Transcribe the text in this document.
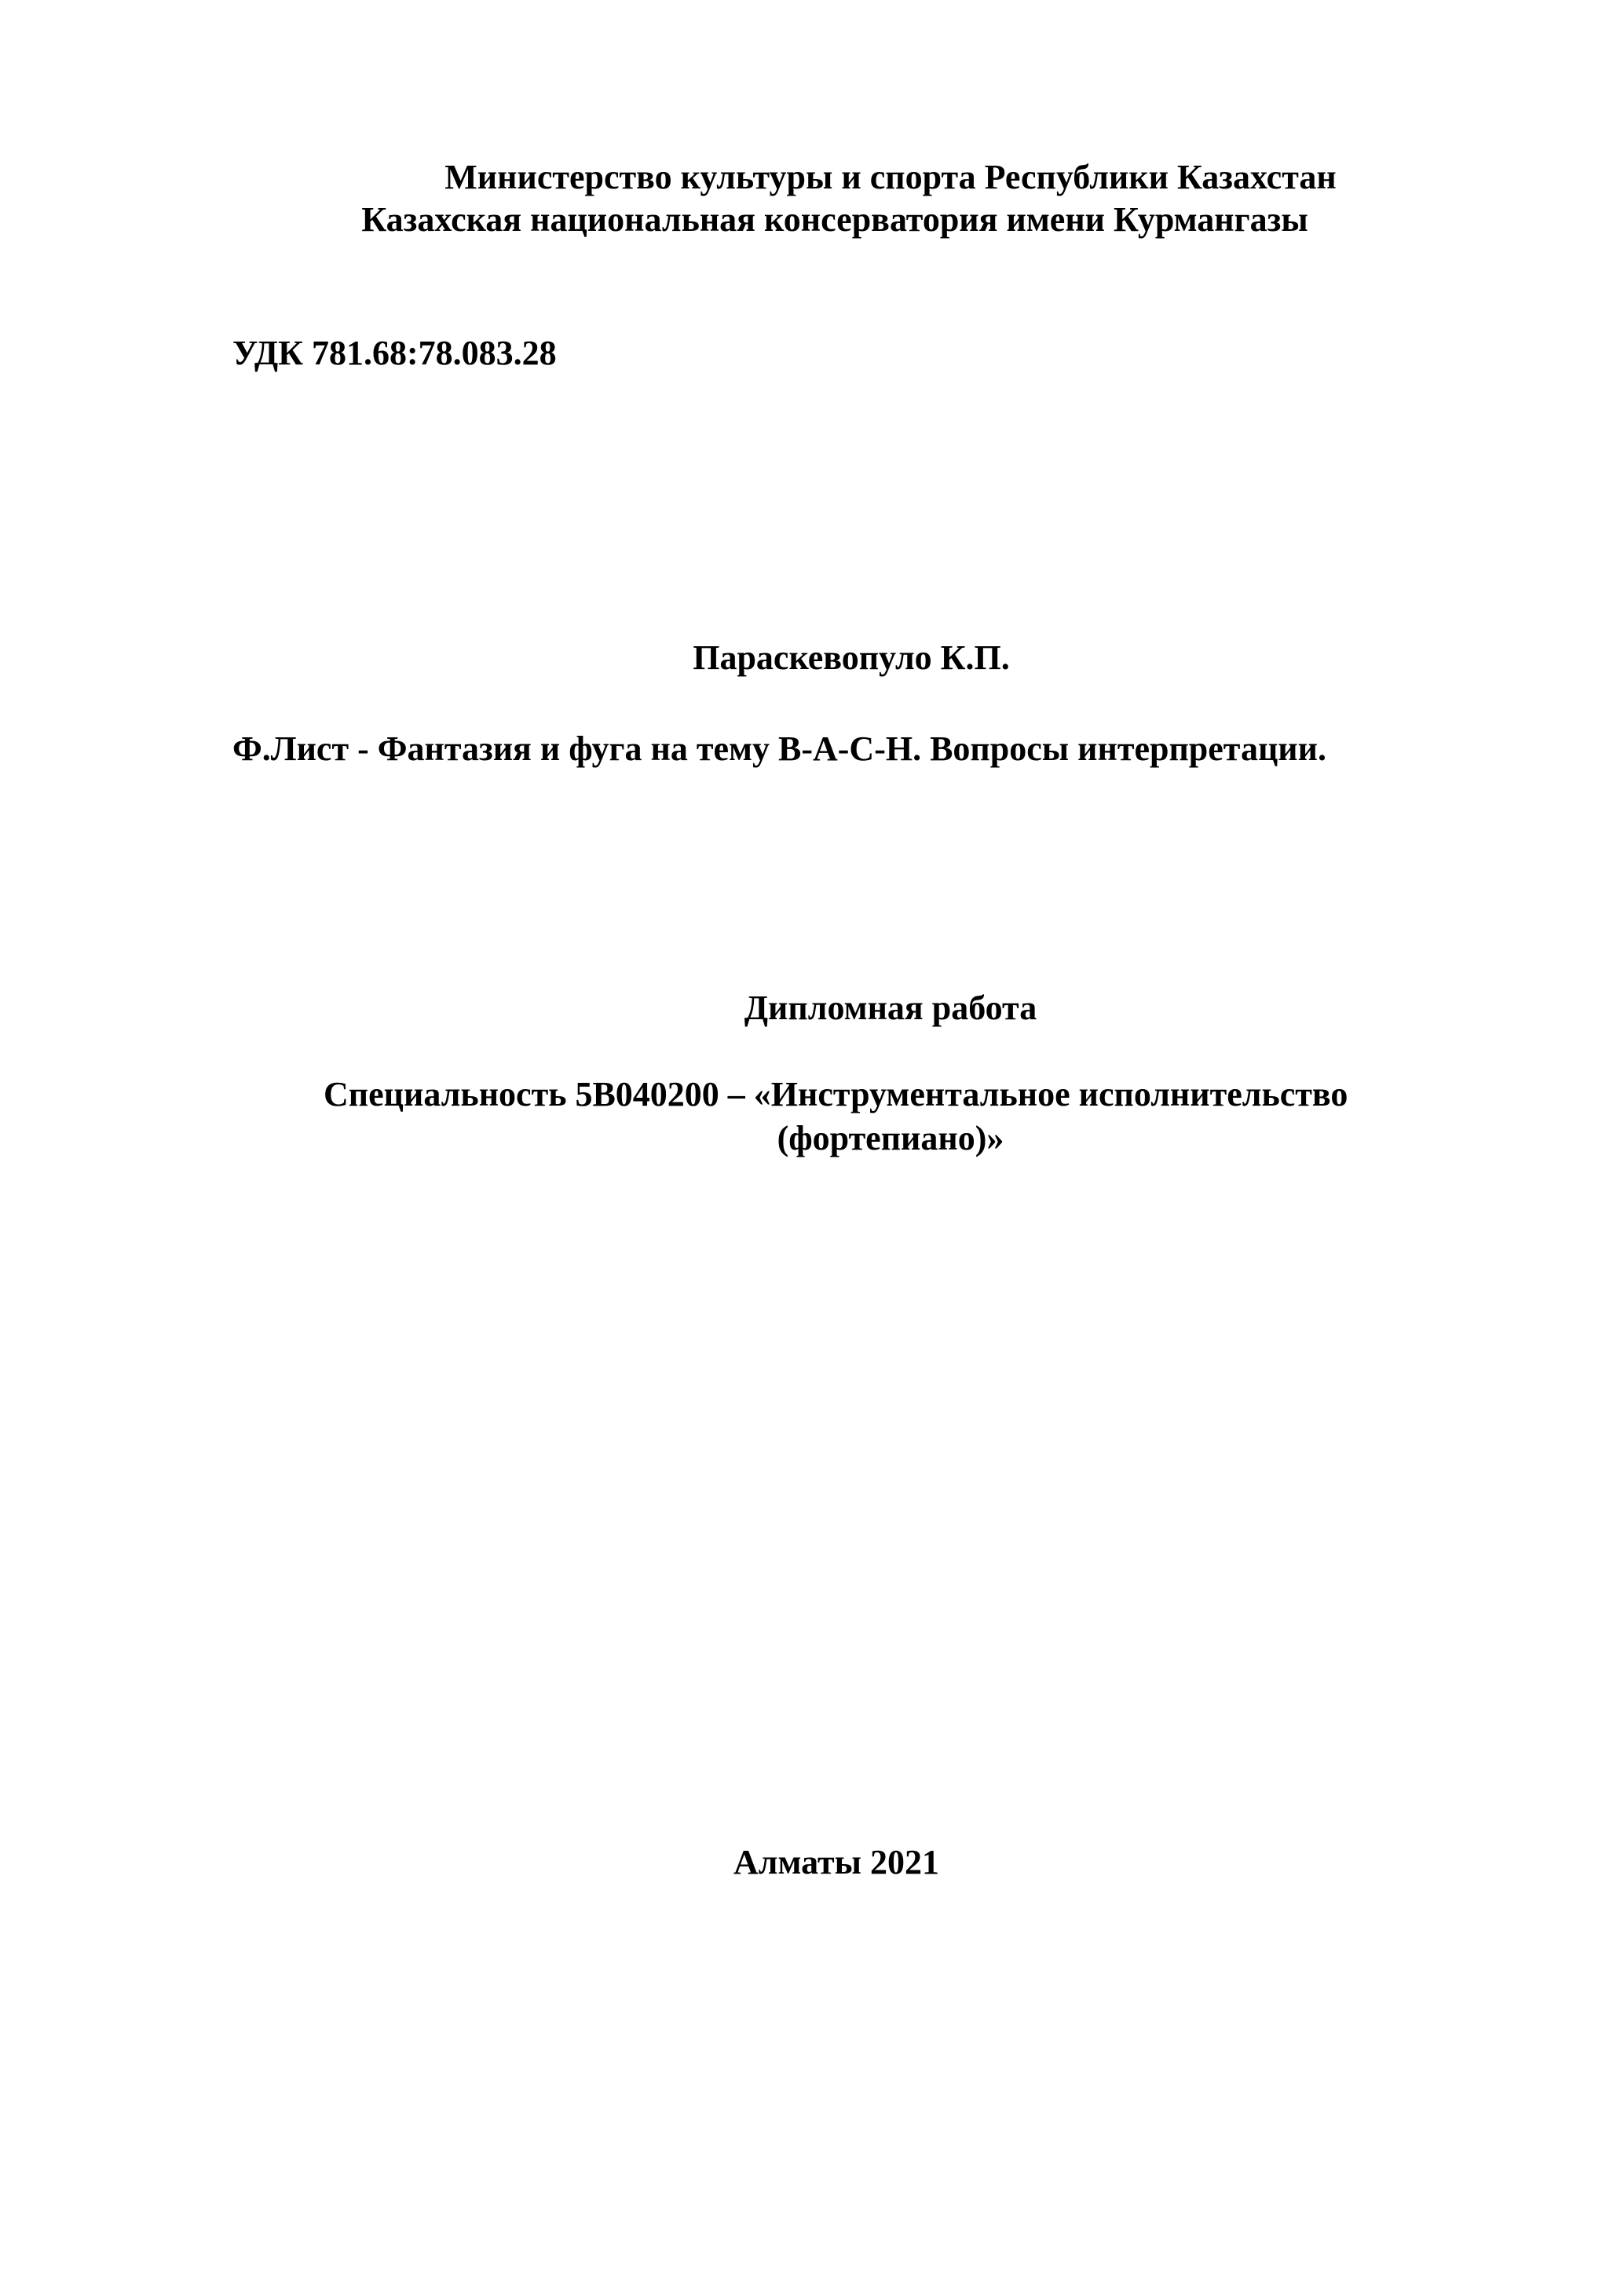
Министерство культуры и спорта Республики Казахстан

Казахская национальная консерватория имени Курмангазы

УДК 781.68:78.083.28

Параскевопуло К.П.

Ф.Лист - Фантазия и фуга на тему B-A-C-H. Вопросы интерпретации.

Дипломная работа

Специальность 5В040200 – «Инструментальное исполнительство

(фортепиано)»

Алматы 2021
